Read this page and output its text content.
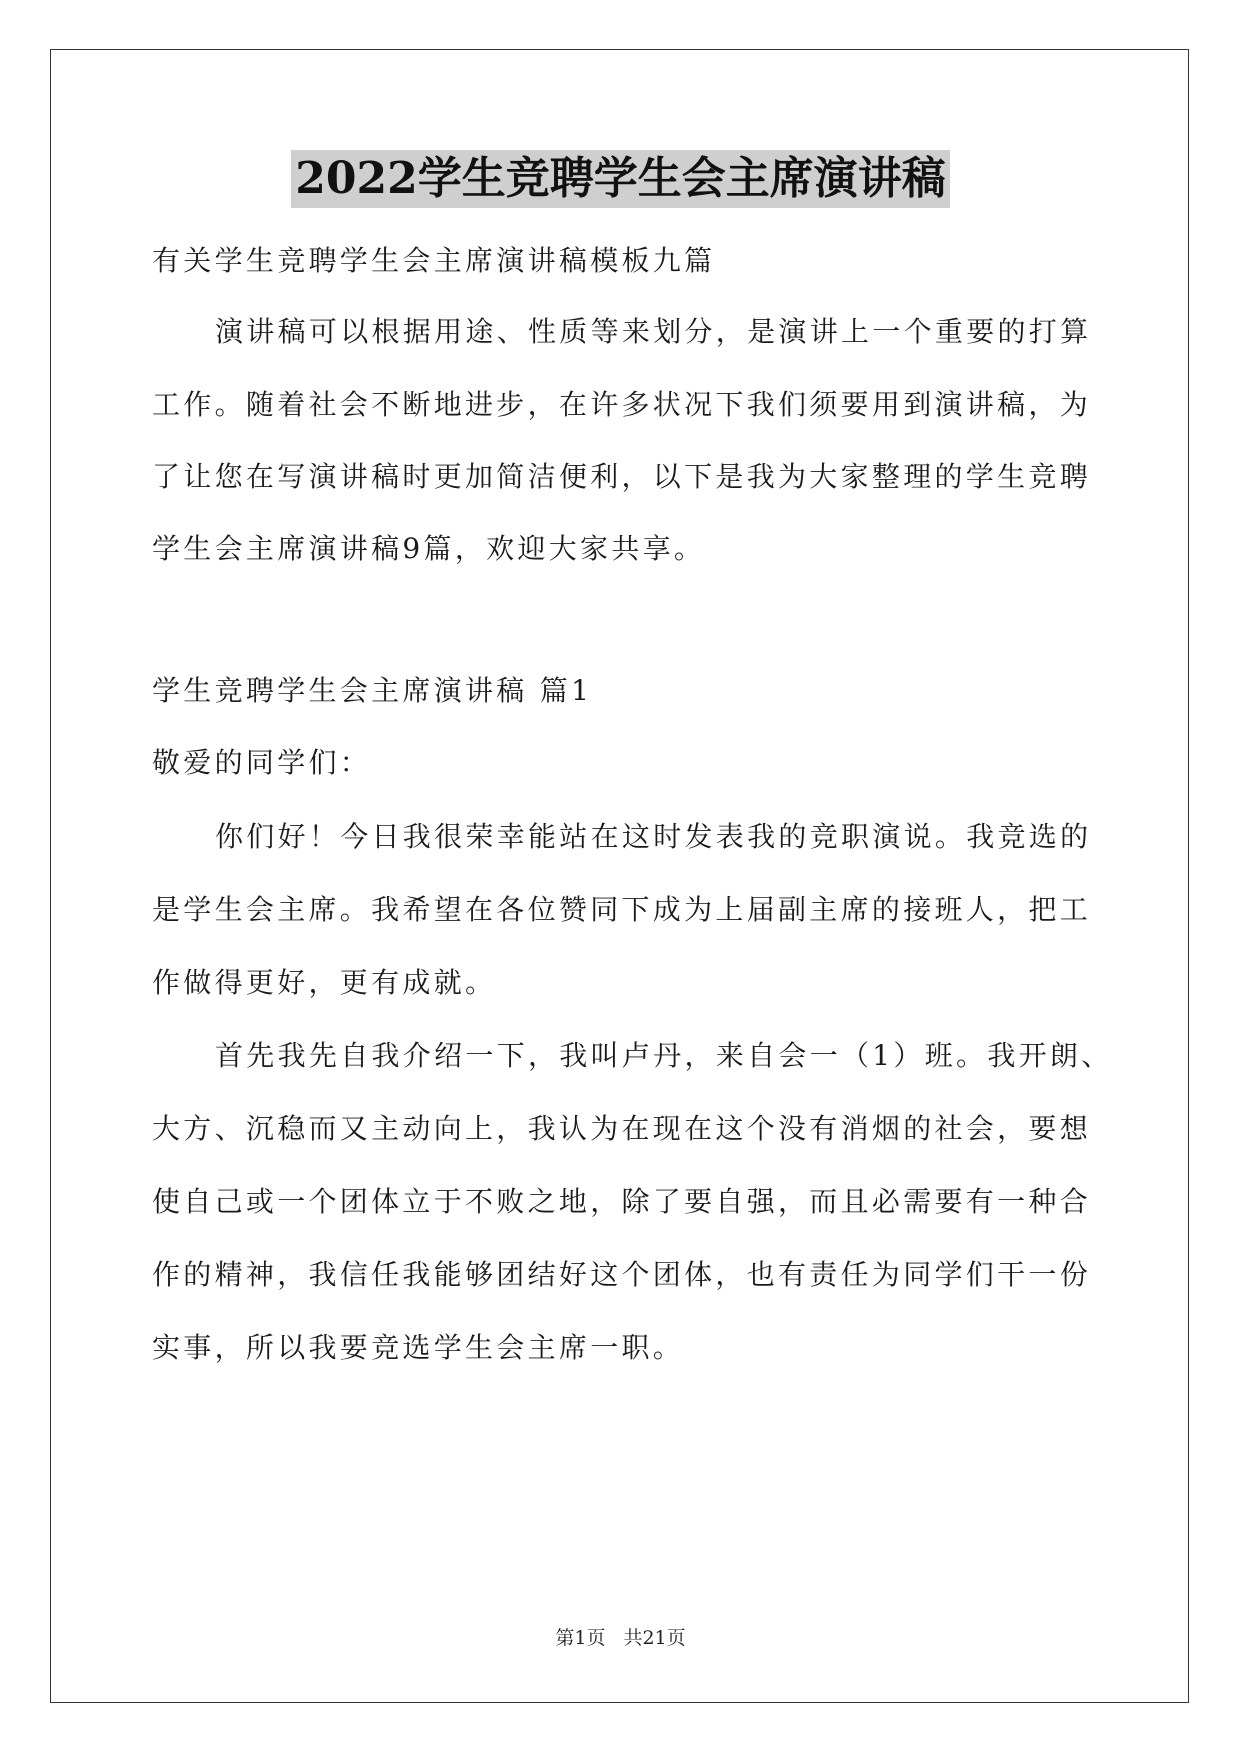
2022学生竞聘学生会主席演讲稿
有关学生竞聘学生会主席演讲稿模板九篇
演讲稿可以根据用途、性质等来划分，是演讲上一个重要的打算
工作。随着社会不断地进步，在许多状况下我们须要用到演讲稿，为
了让您在写演讲稿时更加简洁便利，以下是我为大家整理的学生竞聘
学生会主席演讲稿9篇，欢迎大家共享。
学生竞聘学生会主席演讲稿 篇1
敬爱的同学们：
你们好！今日我很荣幸能站在这时发表我的竞职演说。我竞选的
是学生会主席。我希望在各位赞同下成为上届副主席的接班人，把工
作做得更好，更有成就。
首先我先自我介绍一下，我叫卢丹，来自会一（1）班。我开朗、
大方、沉稳而又主动向上，我认为在现在这个没有消烟的社会，要想
使自己或一个团体立于不败之地，除了要自强，而且必需要有一种合
作的精神，我信任我能够团结好这个团体，也有责任为同学们干一份
实事，所以我要竞选学生会主席一职。
第1页 共21页
